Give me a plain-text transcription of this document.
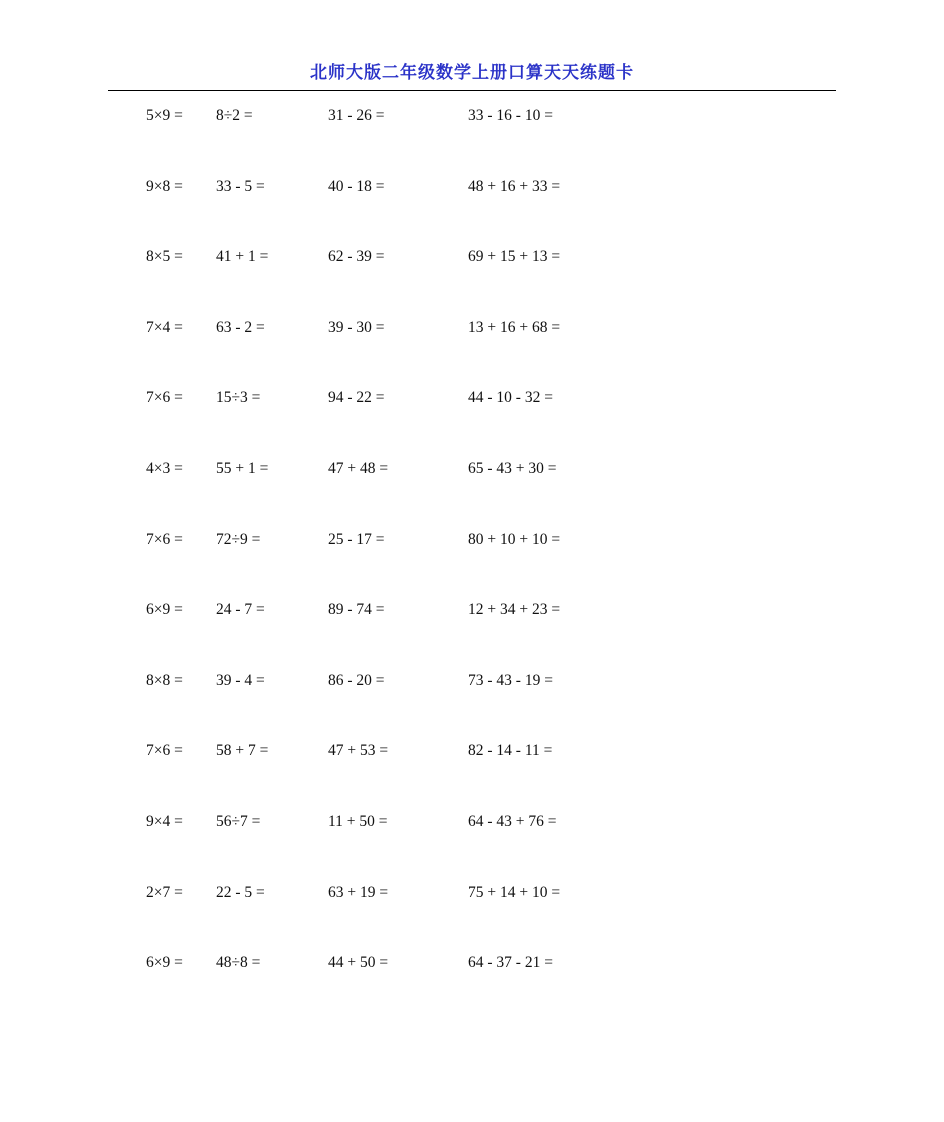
北师大版二年级数学上册口算天天练题卡
5×9 =	8÷2 =	31 - 26 =	33 - 16 - 10 =
9×8 =	33 - 5 =	40 - 18 =	48 + 16 + 33 =
8×5 =	41 + 1 =	62 - 39 =	69 + 15 + 13 =
7×4 =	63 - 2 =	39 - 30 =	13 + 16 + 68 =
7×6 =	15÷3 =	94 - 22 =	44 - 10 - 32 =
4×3 =	55 + 1 =	47 + 48 =	65 - 43 + 30 =
7×6 =	72÷9 =	25 - 17 =	80 + 10 + 10 =
6×9 =	24 - 7 =	89 - 74 =	12 + 34 + 23 =
8×8 =	39 - 4 =	86 - 20 =	73 - 43 - 19 =
7×6 =	58 + 7 =	47 + 53 =	82 - 14 - 11 =
9×4 =	56÷7 =	11 + 50 =	64 - 43 + 76 =
2×7 =	22 - 5 =	63 + 19 =	75 + 14 + 10 =
6×9 =	48÷8 =	44 + 50 =	64 - 37 - 21 =
